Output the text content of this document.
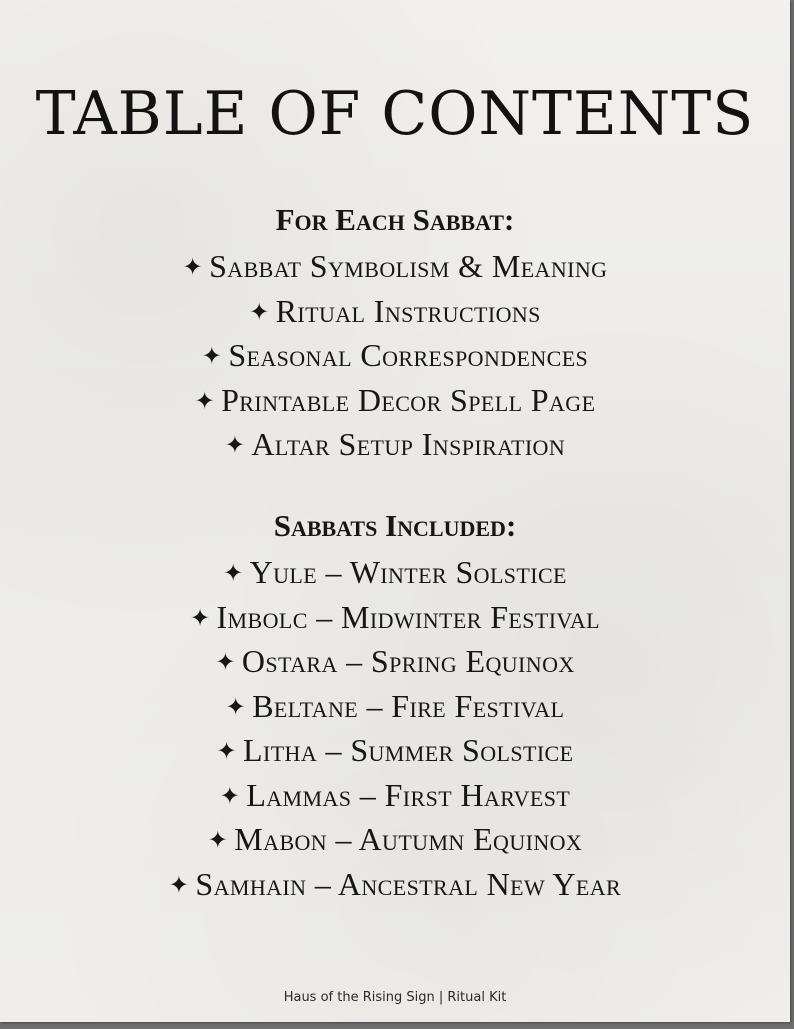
TABLE OF CONTENTS
For Each Sabbat:
✦ Sabbat Symbolism & Meaning
✦ Ritual Instructions
✦ Seasonal Correspondences
✦ Printable Decor Spell Page
✦ Altar Setup Inspiration
Sabbats Included:
✦ Yule – Winter Solstice
✦ Imbolc – Midwinter Festival
✦ Ostara – Spring Equinox
✦ Beltane – Fire Festival
✦ Litha – Summer Solstice
✦ Lammas – First Harvest
✦ Mabon – Autumn Equinox
✦ Samhain – Ancestral New Year
Haus of the Rising Sign | Ritual Kit
